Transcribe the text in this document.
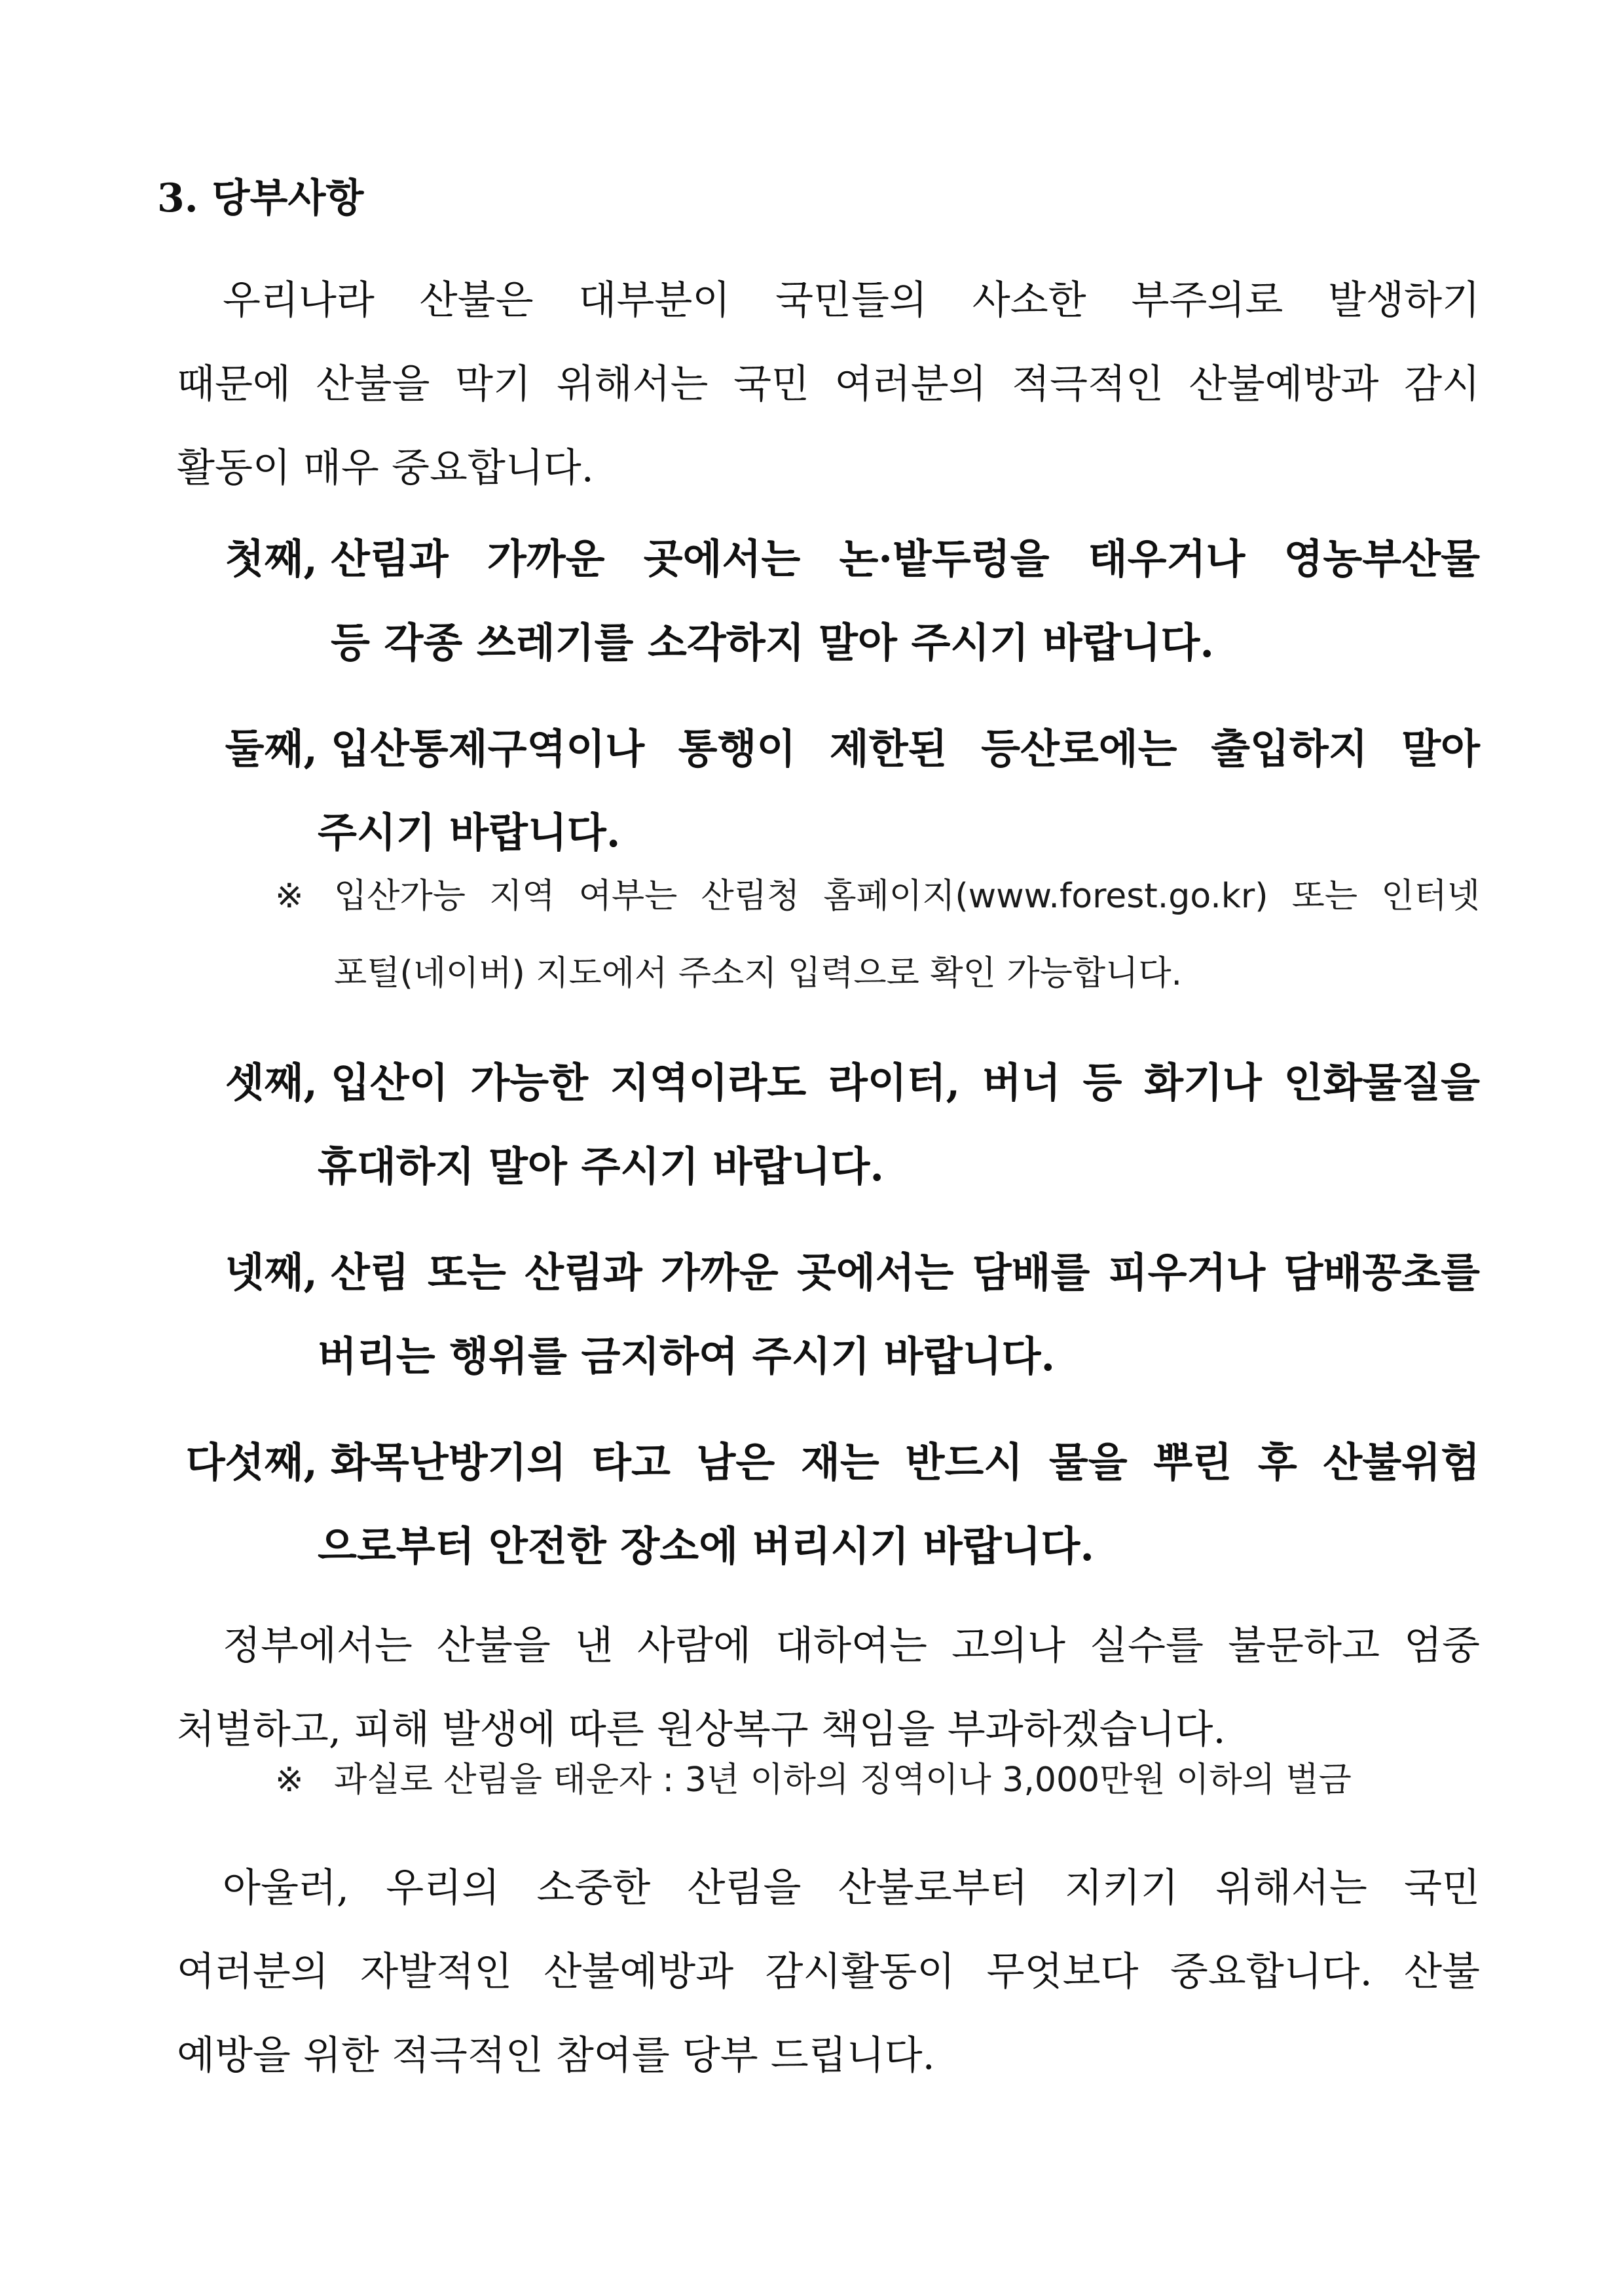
3. 당부사항
우리나라 산불은 대부분이 국민들의 사소한 부주의로 발생하기
때문에 산불을 막기 위해서는 국민 여러분의 적극적인 산불예방과 감시
활동이 매우 중요합니다.
첫째, 산림과 가까운 곳에서는 논·밭두렁을 태우거나 영농부산물
등 각종 쓰레기를 소각하지 말아 주시기 바랍니다.
둘째, 입산통제구역이나 통행이 제한된 등산로에는 출입하지 말아
주시기 바랍니다.
※ 입산가능 지역 여부는 산림청 홈페이지(www.forest.go.kr) 또는 인터넷
포털(네이버) 지도에서 주소지 입력으로 확인 가능합니다.
셋째, 입산이 가능한 지역이라도 라이터, 버너 등 화기나 인화물질을
휴대하지 말아 주시기 바랍니다.
넷째, 산림 또는 산림과 가까운 곳에서는 담배를 피우거나 담배꽁초를
버리는 행위를 금지하여 주시기 바랍니다.
다섯째, 화목난방기의 타고 남은 재는 반드시 물을 뿌린 후 산불위험
으로부터 안전한 장소에 버리시기 바랍니다.
정부에서는 산불을 낸 사람에 대하여는 고의나 실수를 불문하고 엄중
처벌하고, 피해 발생에 따른 원상복구 책임을 부과하겠습니다.
※ 과실로 산림을 태운자 : 3년 이하의 징역이나 3,000만원 이하의 벌금
아울러, 우리의 소중한 산림을 산불로부터 지키기 위해서는 국민
여러분의 자발적인 산불예방과 감시활동이 무엇보다 중요합니다. 산불
예방을 위한 적극적인 참여를 당부 드립니다.
